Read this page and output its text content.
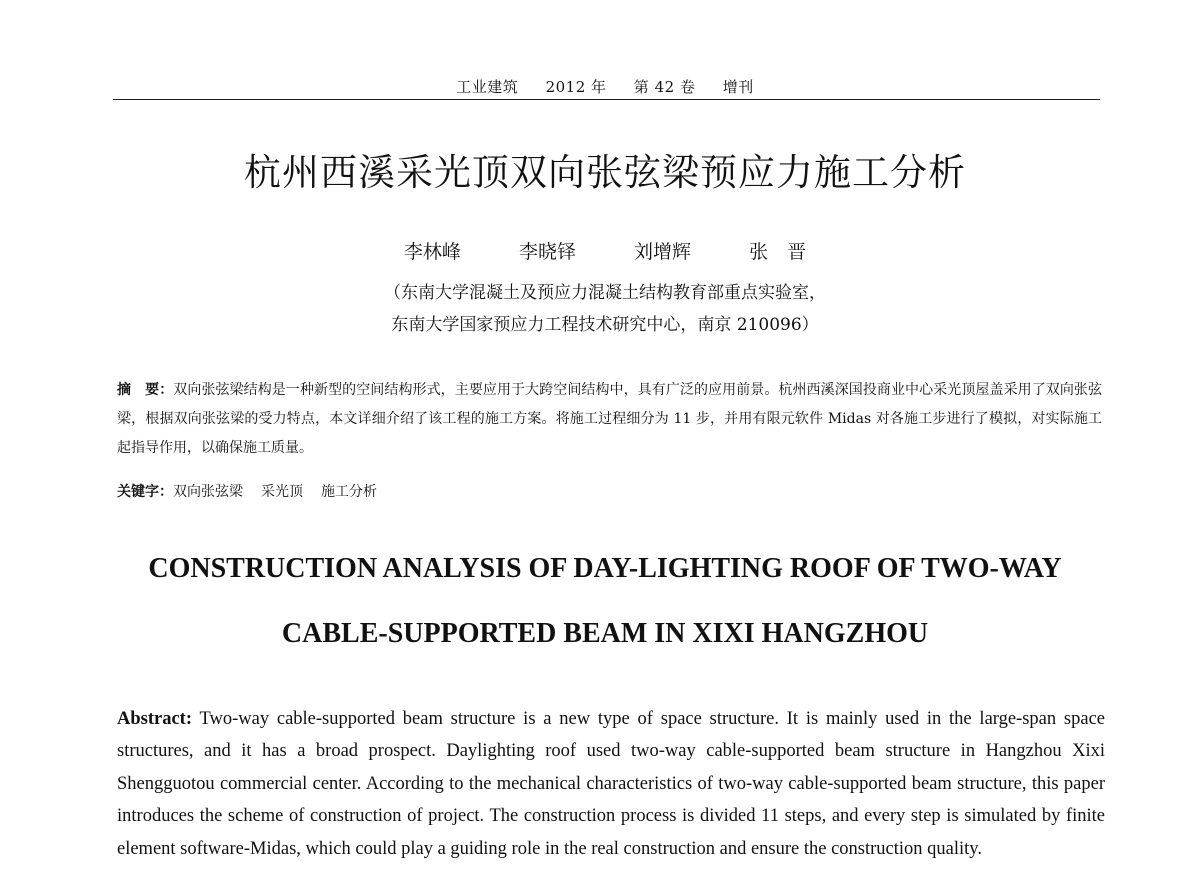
工业建筑 2012 年 第 42 卷 增刊
杭州西溪采光顶双向张弦梁预应力施工分析
李林峰	李晓铎	刘增辉	张　晋
（东南大学混凝土及预应力混凝土结构教育部重点实验室，
东南大学国家预应力工程技术研究中心，南京 210096）
摘　要：双向张弦梁结构是一种新型的空间结构形式，主要应用于大跨空间结构中，具有广泛的应用前景。杭州西溪深国投商业中心采光顶屋盖采用了双向张弦梁，根据双向张弦梁的受力特点，本文详细介绍了该工程的施工方案。将施工过程细分为 11 步，并用有限元软件 Midas 对各施工步进行了模拟，对实际施工起指导作用，以确保施工质量。
关键字：双向张弦梁 采光顶 施工分析
CONSTRUCTION ANALYSIS OF DAY-LIGHTING ROOF OF TWO-WAY
CABLE-SUPPORTED BEAM IN XIXI HANGZHOU
Abstract: Two-way cable-supported beam structure is a new type of space structure. It is mainly used in the large-span space structures, and it has a broad prospect. Daylighting roof used two-way cable-supported beam structure in Hangzhou Xixi Shengguotou commercial center. According to the mechanical characteristics of two-way cable-supported beam structure, this paper introduces the scheme of construction of project. The construction process is divided 11 steps, and every step is simulated by finite element software-Midas, which could play a guiding role in the real construction and ensure the construction quality.
